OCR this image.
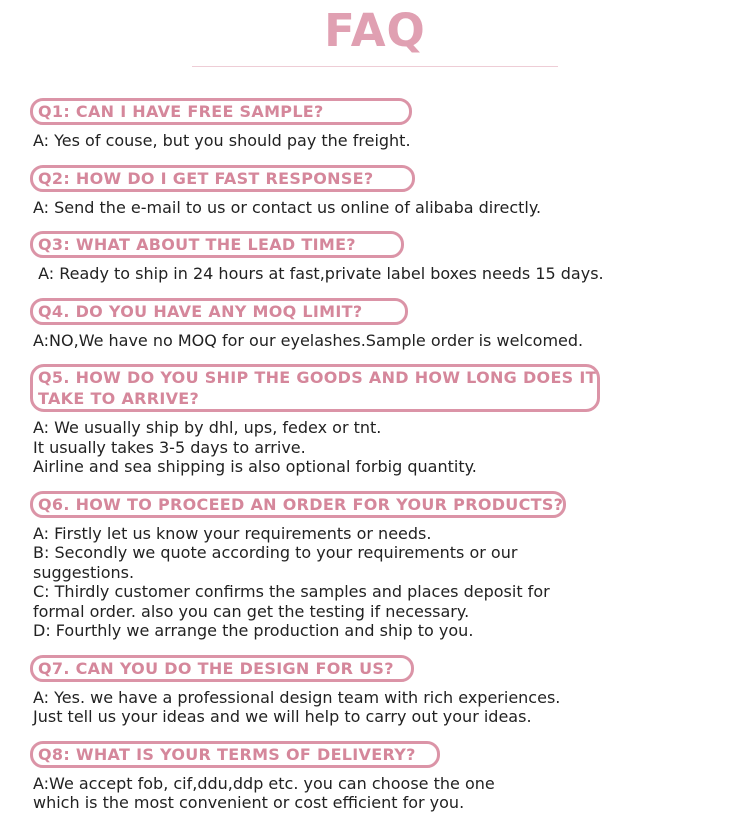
FAQ
Q1: CAN I HAVE FREE SAMPLE?
A: Yes of couse, but you should pay the freight.
Q2: HOW DO I GET FAST RESPONSE?
A: Send the e-mail to us or contact us online of alibaba directly.
Q3: WHAT ABOUT THE LEAD TIME?
A: Ready to ship in 24 hours at fast,private label boxes needs 15 days.
Q4. DO YOU HAVE ANY MOQ LIMIT?
A:NO,We have no MOQ for our eyelashes.Sample order is welcomed.
Q5. HOW DO YOU SHIP THE GOODS AND HOW LONG DOES IT
TAKE TO ARRIVE?
A: We usually ship by dhl, ups, fedex or tnt.
It usually takes 3-5 days to arrive.
Airline and sea shipping is also optional forbig quantity.
Q6. HOW TO PROCEED AN ORDER FOR YOUR PRODUCTS?
A: Firstly let us know your requirements or needs.
B: Secondly we quote according to your requirements or our
suggestions.
C: Thirdly customer confirms the samples and places deposit for
formal order. also you can get the testing if necessary.
D: Fourthly we arrange the production and ship to you.
Q7. CAN YOU DO THE DESIGN FOR US?
A: Yes. we have a professional design team with rich experiences.
Just tell us your ideas and we will help to carry out your ideas.
Q8: WHAT IS YOUR TERMS OF DELIVERY?
A:We accept fob, cif,ddu,ddp etc. you can choose the one
which is the most convenient or cost efficient for you.
